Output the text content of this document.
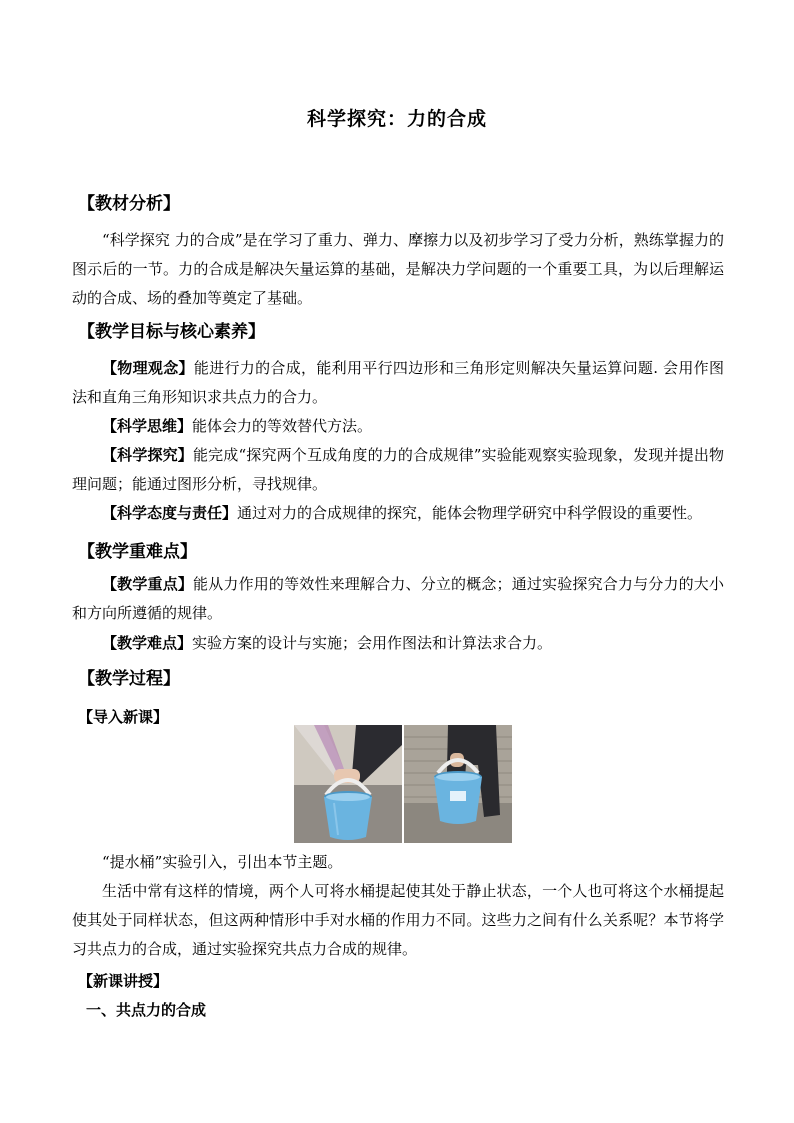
科学探究：力的合成
【教材分析】
“科学探究 力的合成”是在学习了重力、弹力、摩擦力以及初步学习了受力分析，熟练掌握力的图示后的一节。力的合成是解决矢量运算的基础，是解决力学问题的一个重要工具，为以后理解运动的合成、场的叠加等奠定了基础。
【教学目标与核心素养】
【物理观念】能进行力的合成，能利用平行四边形和三角形定则解决矢量运算问题. 会用作图法和直角三角形知识求共点力的合力。
【科学思维】能体会力的等效替代方法。
【科学探究】能完成“探究两个互成角度的力的合成规律”实验能观察实验现象，发现并提出物理问题；能通过图形分析，寻找规律。
【科学态度与责任】通过对力的合成规律的探究，能体会物理学研究中科学假设的重要性。
【教学重难点】
【教学重点】能从力作用的等效性来理解合力、分立的概念；通过实验探究合力与分力的大小和方向所遵循的规律。
【教学难点】实验方案的设计与实施；会用作图法和计算法求合力。
【教学过程】
【导入新课】
“提水桶”实验引入，引出本节主题。
生活中常有这样的情境，两个人可将水桶提起使其处于静止状态，一个人也可将这个水桶提起使其处于同样状态，但这两种情形中手对水桶的作用力不同。这些力之间有什么关系呢？本节将学习共点力的合成，通过实验探究共点力合成的规律。
【新课讲授】
一、共点力的合成
